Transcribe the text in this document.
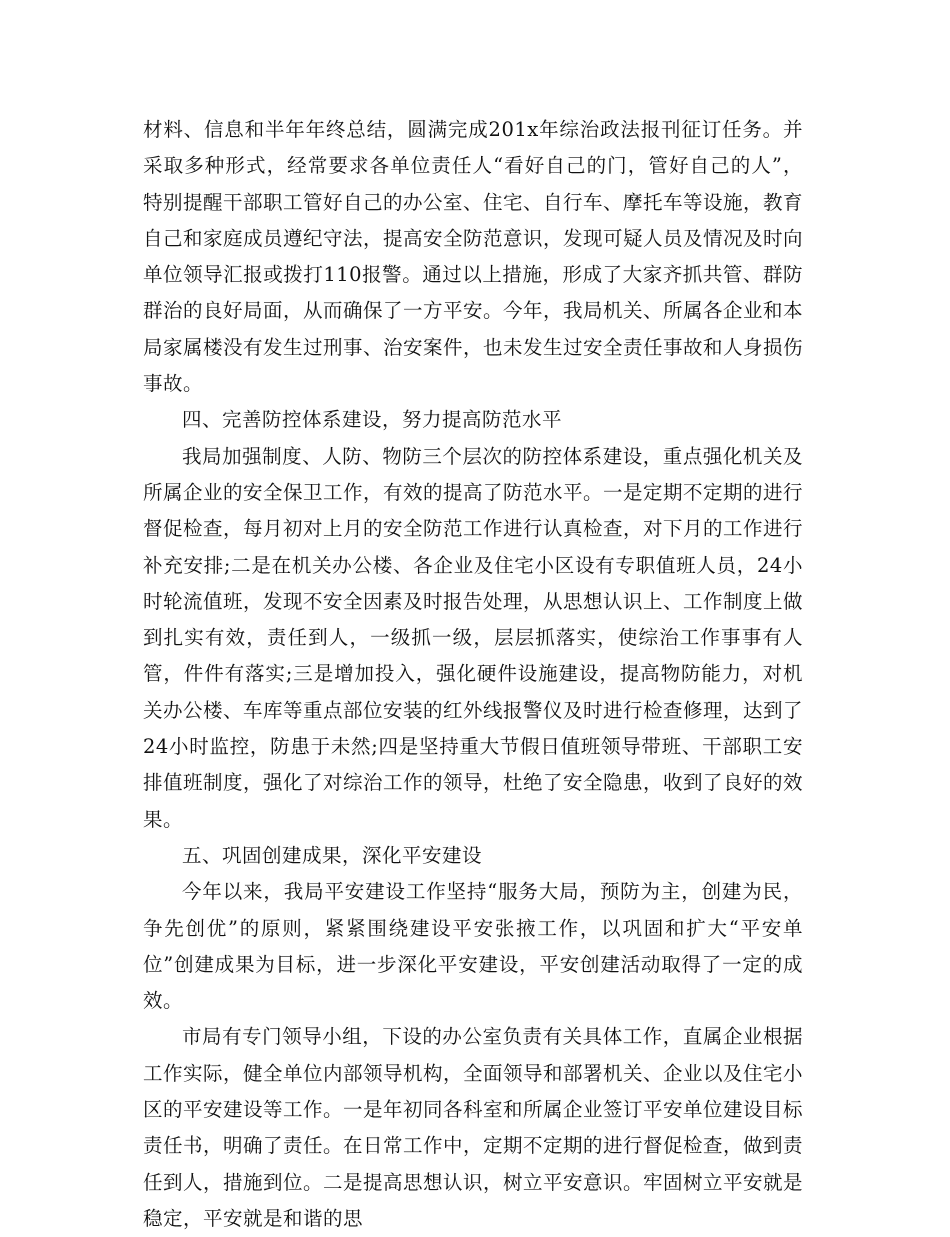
材料、信息和半年年终总结，圆满完成201x年综治政法报刊征订任务。并采取多种形式，经常要求各单位责任人“看好自己的门，管好自己的人”，特别提醒干部职工管好自己的办公室、住宅、自行车、摩托车等设施，教育自己和家庭成员遵纪守法，提高安全防范意识，发现可疑人员及情况及时向单位领导汇报或拨打110报警。通过以上措施，形成了大家齐抓共管、群防群治的良好局面，从而确保了一方平安。今年，我局机关、所属各企业和本局家属楼没有发生过刑事、治安案件，也未发生过安全责任事故和人身损伤事故。

四、完善防控体系建设，努力提高防范水平

我局加强制度、人防、物防三个层次的防控体系建设，重点强化机关及所属企业的安全保卫工作，有效的提高了防范水平。一是定期不定期的进行督促检查，每月初对上月的安全防范工作进行认真检查，对下月的工作进行补充安排;二是在机关办公楼、各企业及住宅小区设有专职值班人员，24小时轮流值班，发现不安全因素及时报告处理，从思想认识上、工作制度上做到扎实有效，责任到人，一级抓一级，层层抓落实，使综治工作事事有人管，件件有落实;三是增加投入，强化硬件设施建设，提高物防能力，对机关办公楼、车库等重点部位安装的红外线报警仪及时进行检查修理，达到了24小时监控，防患于未然;四是坚持重大节假日值班领导带班、干部职工安排值班制度，强化了对综治工作的领导，杜绝了安全隐患，收到了良好的效果。

五、巩固创建成果，深化平安建设

今年以来，我局平安建设工作坚持“服务大局，预防为主，创建为民，争先创优”的原则，紧紧围绕建设平安张掖工作，以巩固和扩大“平安单位”创建成果为目标，进一步深化平安建设，平安创建活动取得了一定的成效。

市局有专门领导小组，下设的办公室负责有关具体工作，直属企业根据工作实际，健全单位内部领导机构，全面领导和部署机关、企业以及住宅小区的平安建设等工作。一是年初同各科室和所属企业签订平安单位建设目标责任书，明确了责任。在日常工作中，定期不定期的进行督促检查，做到责任到人，措施到位。二是提高思想认识，树立平安意识。牢固树立平安就是稳定，平安就是和谐的思
